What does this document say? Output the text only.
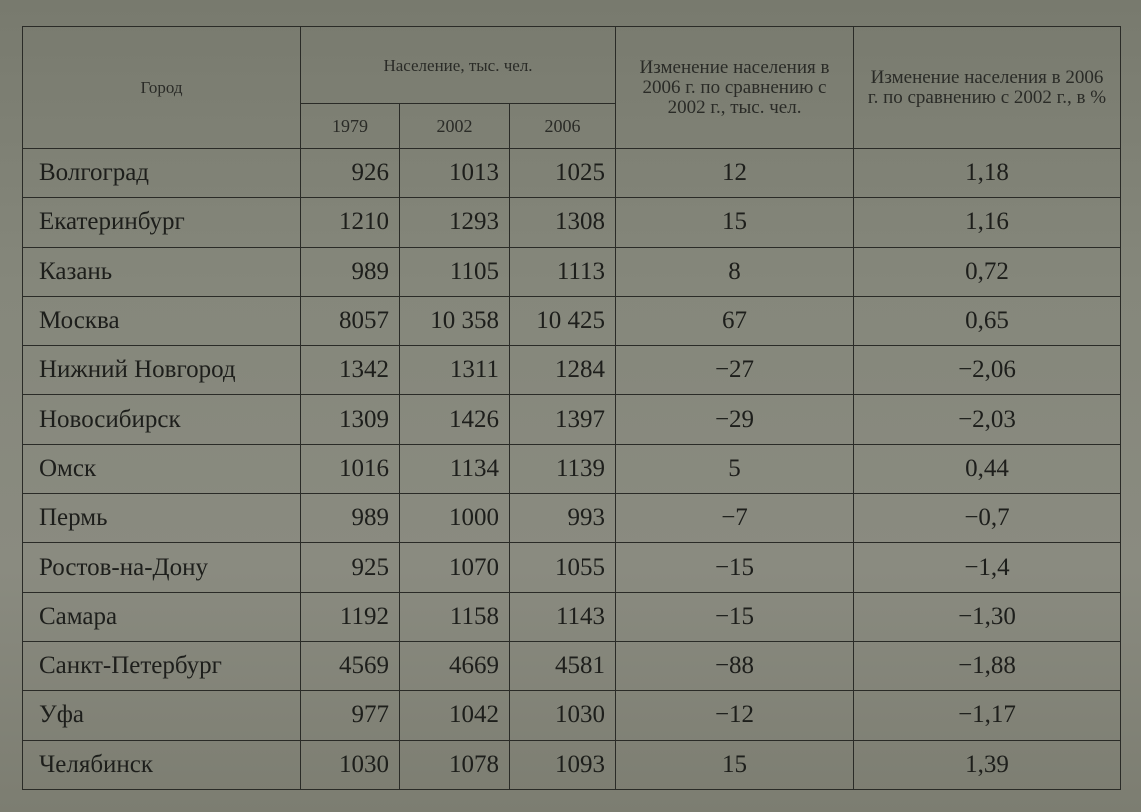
Город	Население, тыс. чел.			Изменение населения в 2006 г. по сравнению с 2002 г., тыс. чел.	Изменение населения в 2006 г. по сравнению с 2002 г., в %
	1979	2002	2006		
Волгоград	926	1013	1025	12	1,18
Екатеринбург	1210	1293	1308	15	1,16
Казань	989	1105	1113	8	0,72
Москва	8057	10 358	10 425	67	0,65
Нижний Новгород	1342	1311	1284	−27	−2,06
Новосибирск	1309	1426	1397	−29	−2,03
Омск	1016	1134	1139	5	0,44
Пермь	989	1000	993	−7	−0,7
Ростов-на-Дону	925	1070	1055	−15	−1,4
Самара	1192	1158	1143	−15	−1,30
Санкт-Петербург	4569	4669	4581	−88	−1,88
Уфа	977	1042	1030	−12	−1,17
Челябинск	1030	1078	1093	15	1,39
